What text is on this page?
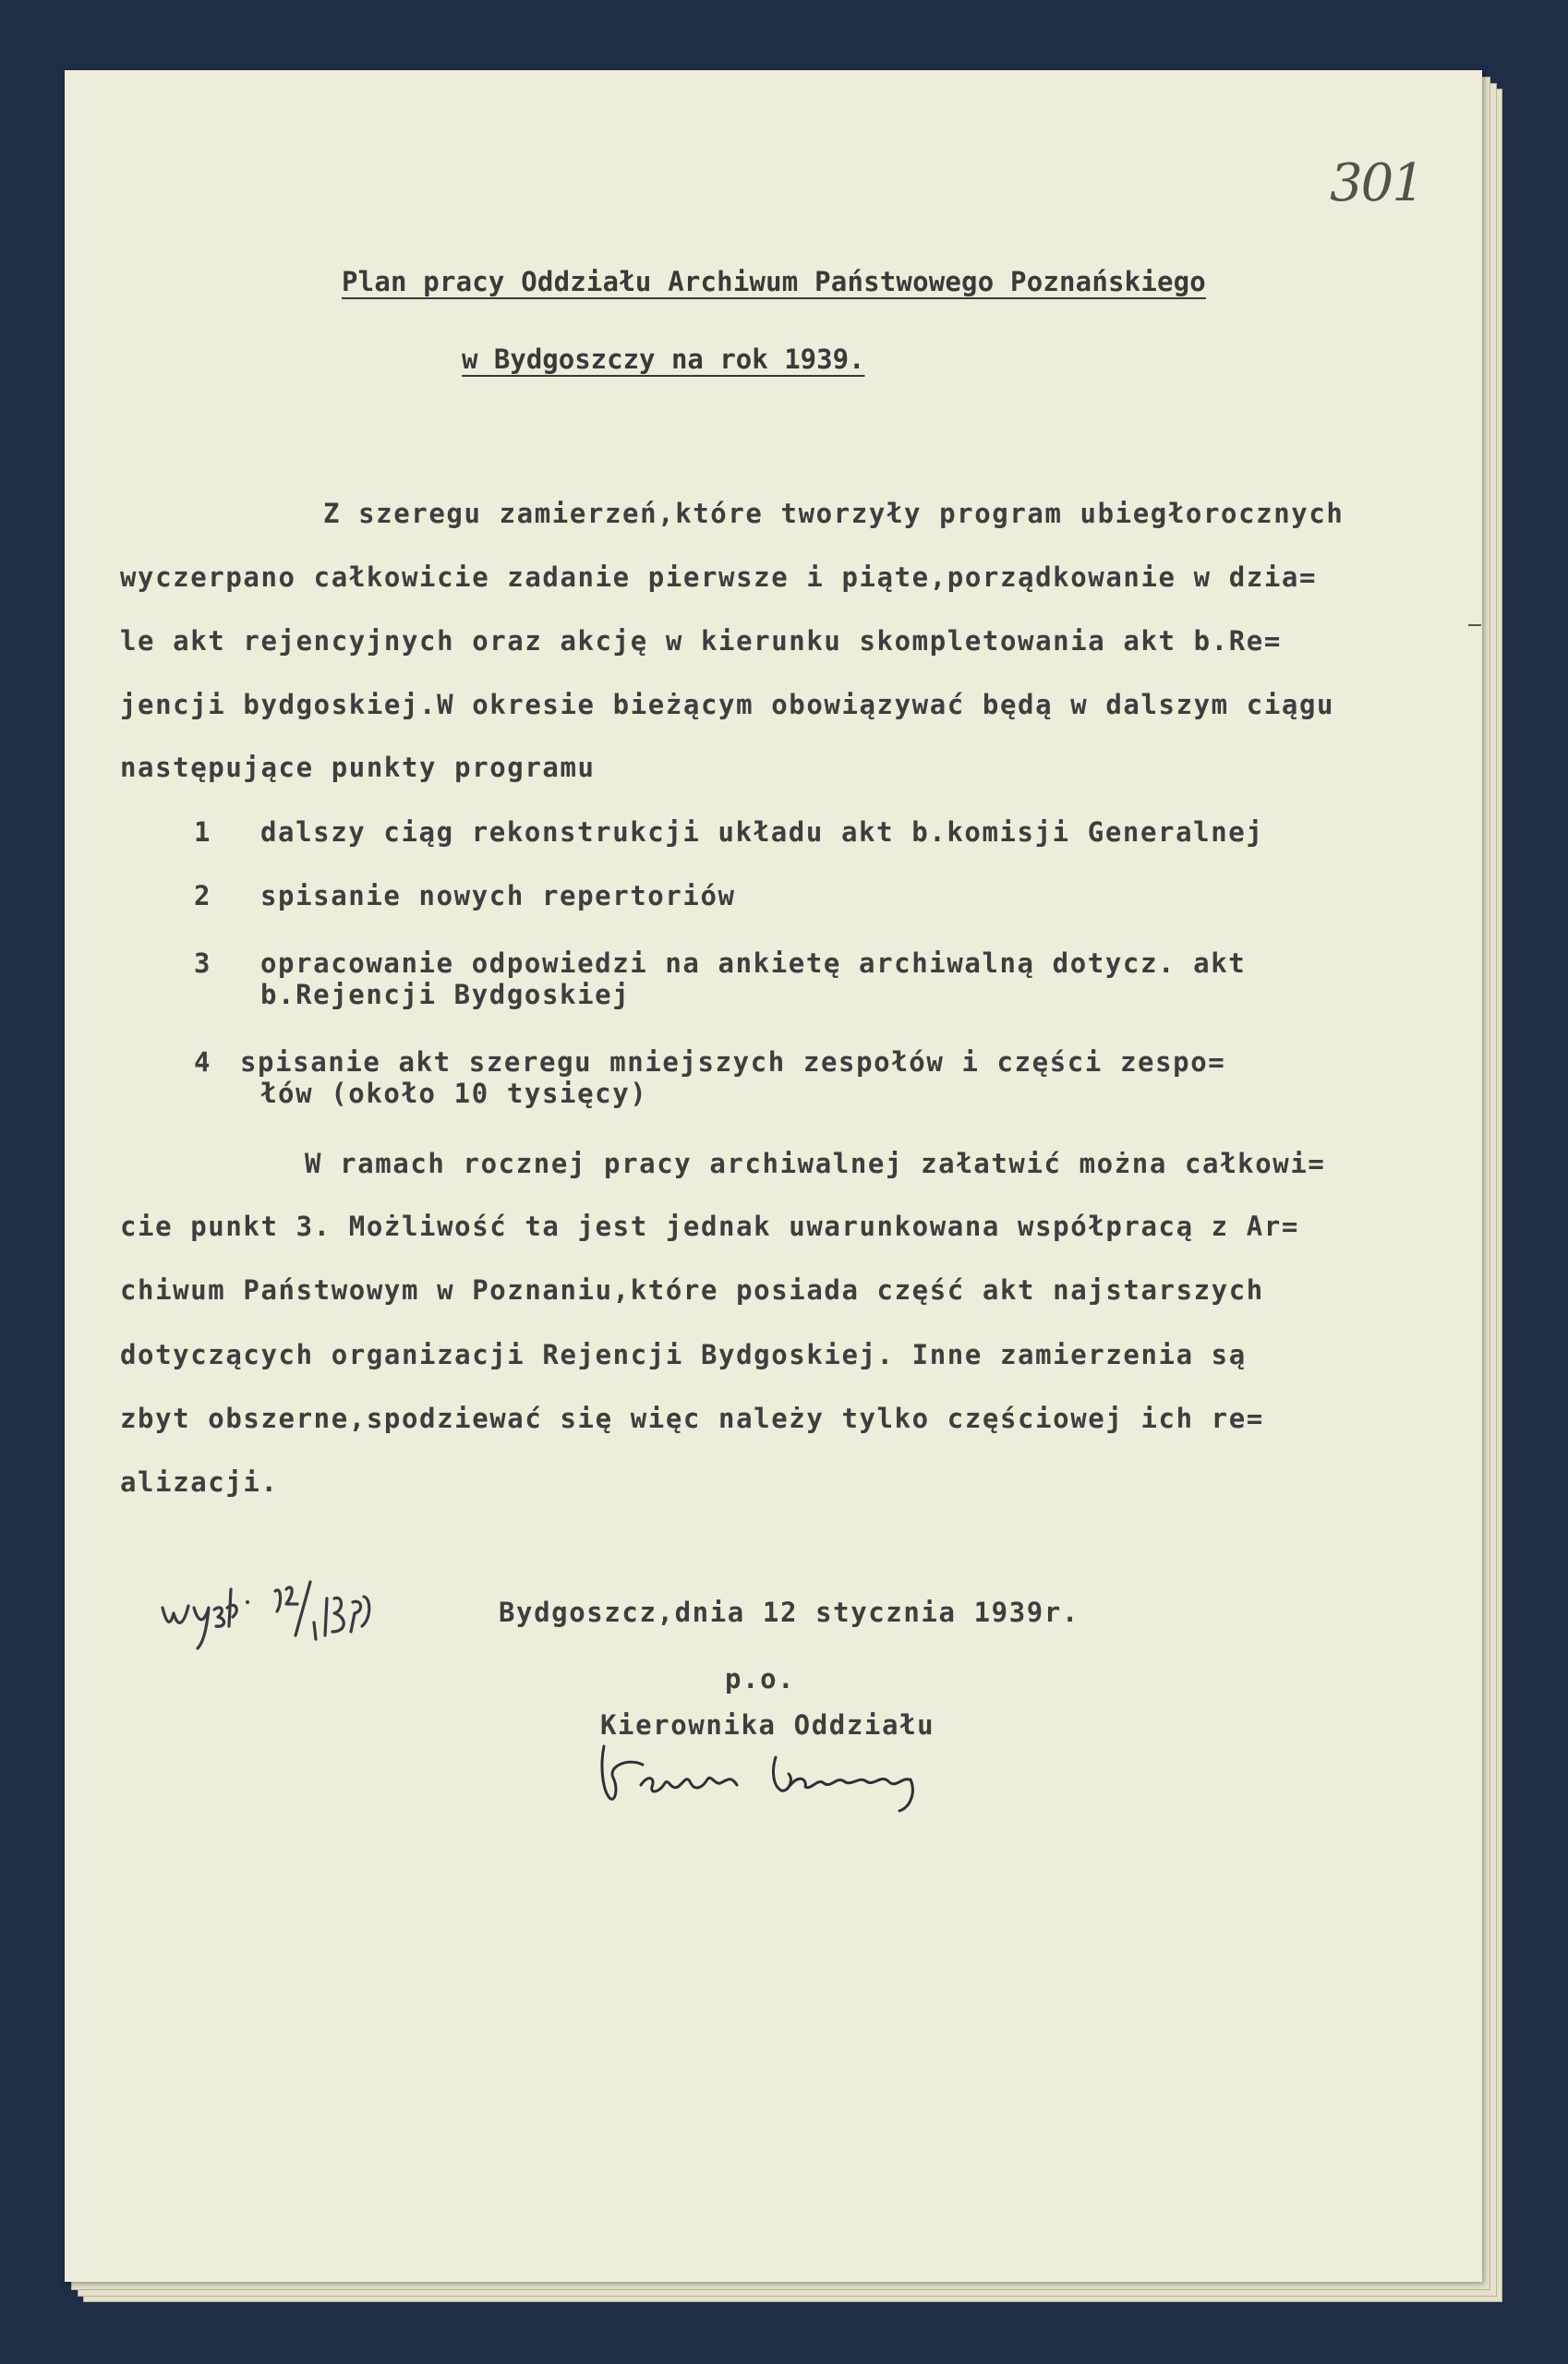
301
Plan pracy Oddziału Archiwum Państwowego Poznańskiego
w Bydgoszczy na rok 1939.
Z szeregu zamierzeń,które tworzyły program ubiegłorocznych
wyczerpano całkowicie zadanie pierwsze i piąte,porządkowanie w dzia=
le akt rejencyjnych oraz akcję w kierunku skompletowania akt b.Re=
jencji bydgoskiej.W okresie bieżącym obowiązywać będą w dalszym ciągu
następujące punkty programu
1 dalszy ciąg rekonstrukcji układu akt b.komisji Generalnej
2 spisanie nowych repertoriów
3 opracowanie odpowiedzi na ankietę archiwalną dotycz. akt
b.Rejencji Bydgoskiej
4 spisanie akt szeregu mniejszych zespołów i części zespo=
łów (około 10 tysięcy)
W ramach rocznej pracy archiwalnej załatwić można całkowi=
cie punkt 3. Możliwość ta jest jednak uwarunkowana współpracą z Ar=
chiwum Państwowym w Poznaniu,które posiada część akt najstarszych
dotyczących organizacji Rejencji Bydgoskiej. Inne zamierzenia są
zbyt obszerne,spodziewać się więc należy tylko częściowej ich re=
alizacji.
Bydgoszcz,dnia 12 stycznia 1939r.
p.o.
Kierownika Oddziału
